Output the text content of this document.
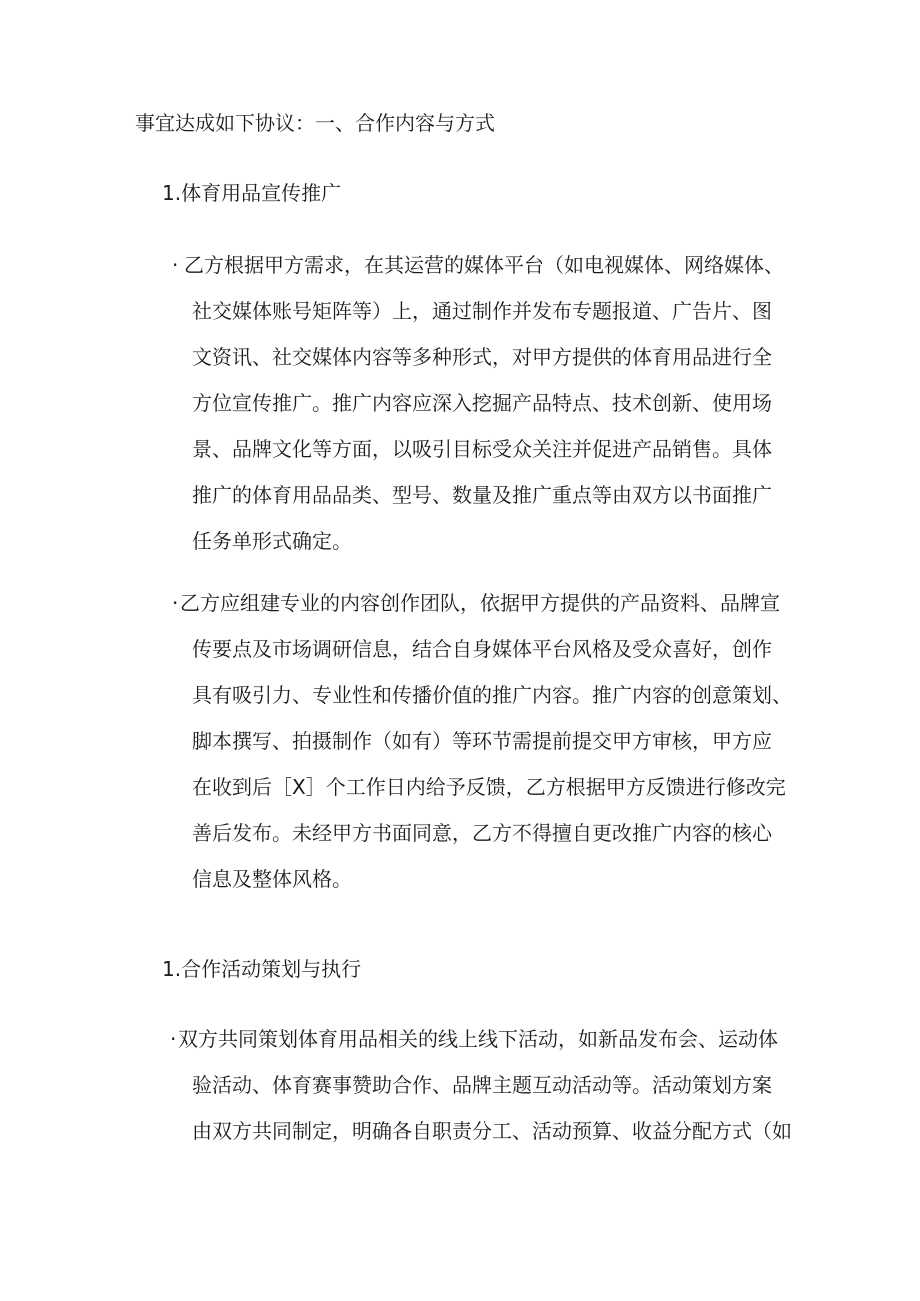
事宜达成如下协议：一、合作内容与方式

1.体育用品宣传推广

· 乙方根据甲方需求，在其运营的媒体平台（如电视媒体、网络媒体、
社交媒体账号矩阵等）上，通过制作并发布专题报道、广告片、图
文资讯、社交媒体内容等多种形式，对甲方提供的体育用品进行全
方位宣传推广。推广内容应深入挖掘产品特点、技术创新、使用场
景、品牌文化等方面，以吸引目标受众关注并促进产品销售。具体
推广的体育用品品类、型号、数量及推广重点等由双方以书面推广
任务单形式确定。
· 乙方应组建专业的内容创作团队，依据甲方提供的产品资料、品牌宣
传要点及市场调研信息，结合自身媒体平台风格及受众喜好，创作
具有吸引力、专业性和传播价值的推广内容。推广内容的创意策划、
脚本撰写、拍摄制作（如有）等环节需提前提交甲方审核，甲方应
在收到后［X］个工作日内给予反馈，乙方根据甲方反馈进行修改完
善后发布。未经甲方书面同意，乙方不得擅自更改推广内容的核心
信息及整体风格。

1.合作活动策划与执行

· 双方共同策划体育用品相关的线上线下活动，如新品发布会、运动体
验活动、体育赛事赞助合作、品牌主题互动活动等。活动策划方案
由双方共同制定，明确各自职责分工、活动预算、收益分配方式（如
